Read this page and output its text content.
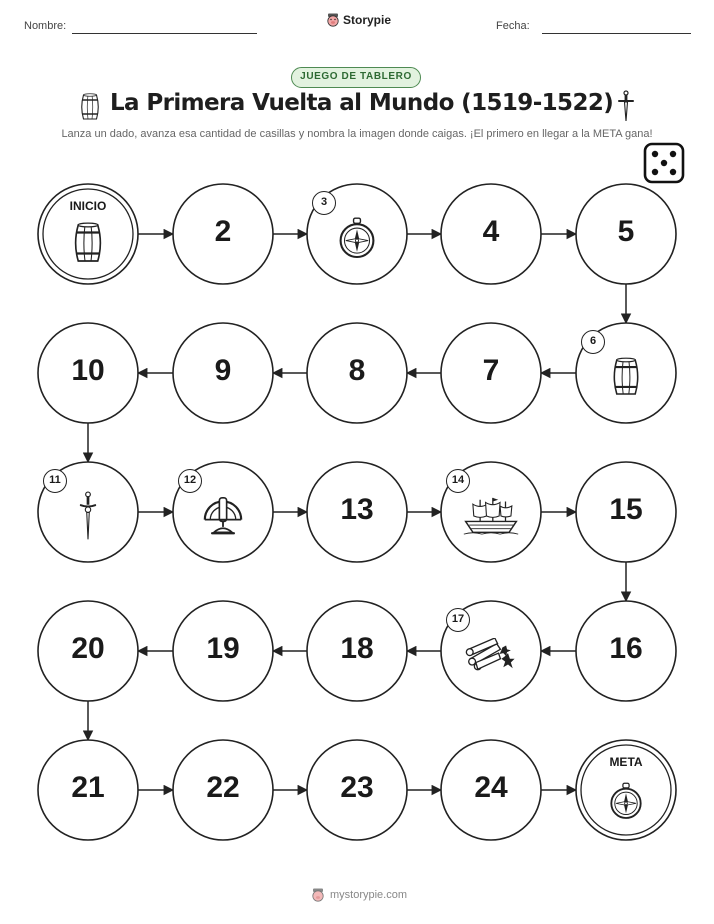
Nombre:	Storypie	Fecha:
JUEGO DE TABLERO
La Primera Vuelta al Mundo (1519-1522)
Lanza un dado, avanza esa cantidad de casillas y nombra la imagen donde caigas. ¡El primero en llegar a la META gana!
INICIO
2
3
4	5
6
7
8
9
10
11	12
13
14
15
16
17
18
19
20
21	22	23	24
META
mystorypie.com
